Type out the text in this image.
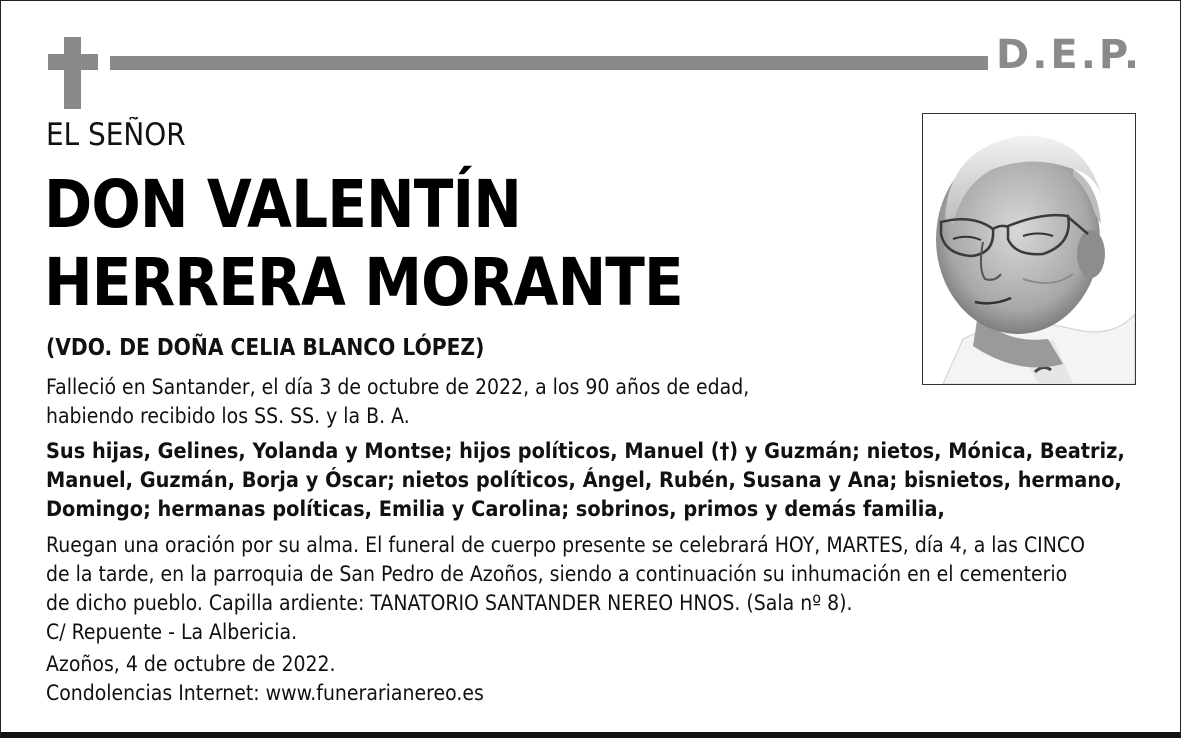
D.E.P.
EL SEÑOR
DON VALENTÍN
HERRERA MORANTE
(VDO. DE DOÑA CELIA BLANCO LÓPEZ)
Falleció en Santander, el día 3 de octubre de 2022, a los 90 años de edad,
habiendo recibido los SS. SS. y la B. A.
Sus hijas, Gelines, Yolanda y Montse; hijos políticos, Manuel (†) y Guzmán; nietos, Mónica, Beatriz,
Manuel, Guzmán, Borja y Óscar; nietos políticos, Ángel, Rubén, Susana y Ana; bisnietos, hermano,
Domingo; hermanas políticas, Emilia y Carolina; sobrinos, primos y demás familia,
Ruegan una oración por su alma. El funeral de cuerpo presente se celebrará HOY, MARTES, día 4, a las CINCO
de la tarde, en la parroquia de San Pedro de Azoños, siendo a continuación su inhumación en el cementerio
de dicho pueblo. Capilla ardiente: TANATORIO SANTANDER NEREO HNOS. (Sala nº 8).
C/ Repuente - La Albericia.
Azoños, 4 de octubre de 2022.
Condolencias Internet: www.funerarianereo.es
